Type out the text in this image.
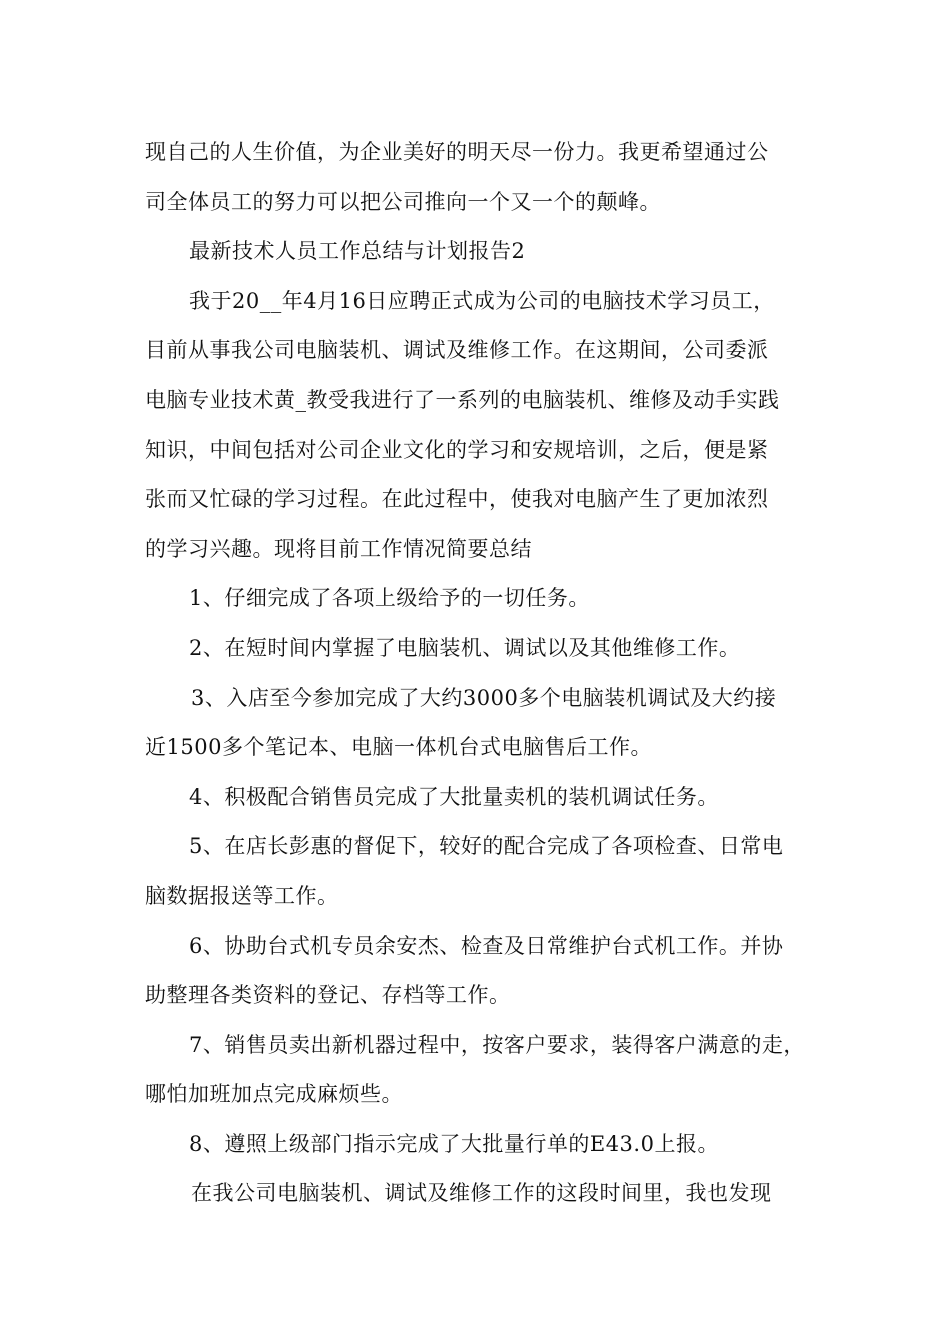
现自己的人生价值，为企业美好的明天尽一份力。我更希望通过公
司全体员工的努力可以把公司推向一个又一个的颠峰。
最新技术人员工作总结与计划报告2
我于20__年4月16日应聘正式成为公司的电脑技术学习员工，
目前从事我公司电脑装机、调试及维修工作。在这期间，公司委派
电脑专业技术黄_教受我进行了一系列的电脑装机、维修及动手实践
知识，中间包括对公司企业文化的学习和安规培训，之后，便是紧
张而又忙碌的学习过程。在此过程中，使我对电脑产生了更加浓烈
的学习兴趣。现将目前工作情况简要总结
1、仔细完成了各项上级给予的一切任务。
2、在短时间内掌握了电脑装机、调试以及其他维修工作。
3、入店至今参加完成了大约3000多个电脑装机调试及大约接
近1500多个笔记本、电脑一体机台式电脑售后工作。
4、积极配合销售员完成了大批量卖机的装机调试任务。
5、在店长彭惠的督促下，较好的配合完成了各项检查、日常电
脑数据报送等工作。
6、协助台式机专员余安杰、检查及日常维护台式机工作。并协
助整理各类资料的登记、存档等工作。
7、销售员卖出新机器过程中，按客户要求，装得客户满意的走，
哪怕加班加点完成麻烦些。
8、遵照上级部门指示完成了大批量行单的E43.0上报。
在我公司电脑装机、调试及维修工作的这段时间里，我也发现
